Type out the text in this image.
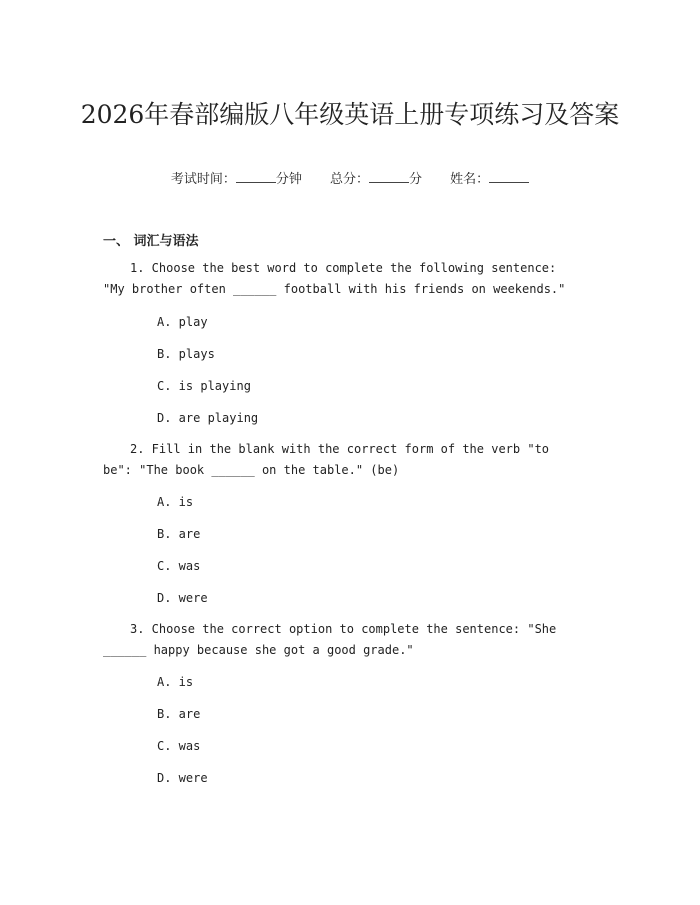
2026年春部编版八年级英语上册专项练习及答案
考试时间：	分钟 总分：	分 姓名：
一、 词汇与语法
1. Choose the best word to complete the following sentence: "My brother often ______ football with his friends on weekends."
A. play
B. plays
C. is playing
D. are playing
2. Fill in the blank with the correct form of the verb "to be": "The book ______ on the table." (be)
A. is
B. are
C. was
D. were
3. Choose the correct option to complete the sentence: "She ______ happy because she got a good grade."
A. is
B. are
C. was
D. were
